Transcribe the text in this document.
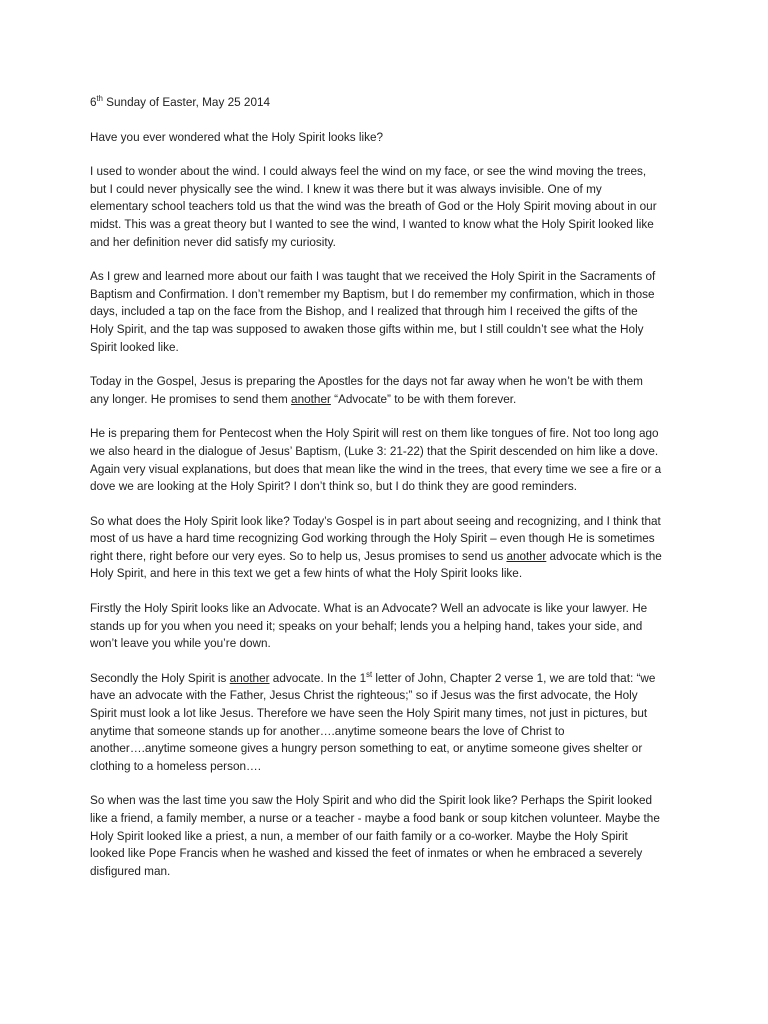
6th Sunday of Easter, May 25 2014

Have you ever wondered what the Holy Spirit looks like?

I used to wonder about the wind. I could always feel the wind on my face, or see the wind moving the trees, but I could never physically see the wind. I knew it was there but it was always invisible. One of my elementary school teachers told us that the wind was the breath of God or the Holy Spirit moving about in our midst. This was a great theory but I wanted to see the wind, I wanted to know what the Holy Spirit looked like and her definition never did satisfy my curiosity.

As I grew and learned more about our faith I was taught that we received the Holy Spirit in the Sacraments of Baptism and Confirmation. I don’t remember my Baptism, but I do remember my confirmation, which in those days, included a tap on the face from the Bishop, and I realized that through him I received the gifts of the Holy Spirit, and the tap was supposed to awaken those gifts within me, but I still couldn’t see what the Holy Spirit looked like.

Today in the Gospel, Jesus is preparing the Apostles for the days not far away when he won’t be with them any longer. He promises to send them another “Advocate” to be with them forever.

He is preparing them for Pentecost when the Holy Spirit will rest on them like tongues of fire. Not too long ago we also heard in the dialogue of Jesus’ Baptism, (Luke 3: 21-22) that the Spirit descended on him like a dove. Again very visual explanations, but does that mean like the wind in the trees, that every time we see a fire or a dove we are looking at the Holy Spirit? I don’t think so, but I do think they are good reminders.

So what does the Holy Spirit look like? Today’s Gospel is in part about seeing and recognizing, and I think that most of us have a hard time recognizing God working through the Holy Spirit – even though He is sometimes right there, right before our very eyes. So to help us, Jesus promises to send us another advocate which is the Holy Spirit, and here in this text we get a few hints of what the Holy Spirit looks like.

Firstly the Holy Spirit looks like an Advocate. What is an Advocate? Well an advocate is like your lawyer. He stands up for you when you need it; speaks on your behalf; lends you a helping hand, takes your side, and won’t leave you while you’re down.

Secondly the Holy Spirit is another advocate. In the 1st letter of John, Chapter 2 verse 1, we are told that: “we have an advocate with the Father, Jesus Christ the righteous;” so if Jesus was the first advocate, the Holy Spirit must look a lot like Jesus. Therefore we have seen the Holy Spirit many times, not just in pictures, but anytime that someone stands up for another….anytime someone bears the love of Christ to another….anytime someone gives a hungry person something to eat, or anytime someone gives shelter or clothing to a homeless person….

So when was the last time you saw the Holy Spirit and who did the Spirit look like? Perhaps the Spirit looked like a friend, a family member, a nurse or a teacher - maybe a food bank or soup kitchen volunteer. Maybe the Holy Spirit looked like a priest, a nun, a member of our faith family or a co-worker. Maybe the Holy Spirit looked like Pope Francis when he washed and kissed the feet of inmates or when he embraced a severely disfigured man.
